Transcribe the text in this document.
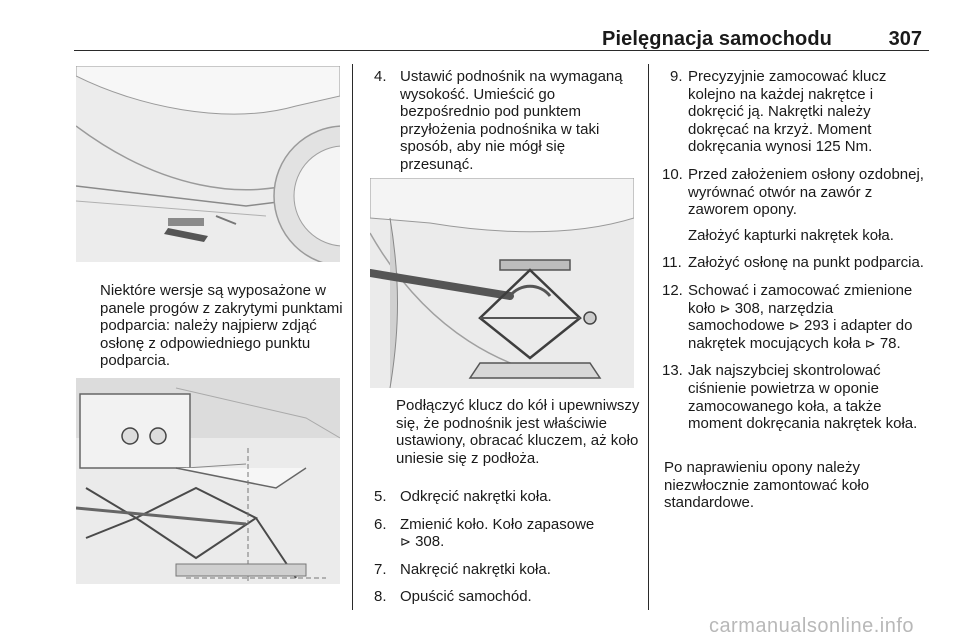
Pielęgnacja samochodu	307

Niektóre wersje są wyposażone w panele progów z zakrytymi punktami podparcia: należy najpierw zdjąć osłonę z odpowiedniego punktu podparcia.

4. Ustawić podnośnik na wymaganą wysokość. Umieścić go bezpośrednio pod punktem przyłożenia podnośnika w taki sposób, aby nie mógł się przesunąć.

Podłączyć klucz do kół i upewniwszy się, że podnośnik jest właściwie ustawiony, obracać kluczem, aż koło uniesie się z podłoża.

5. Odkręcić nakrętki koła.
6. Zmienić koło. Koło zapasowe
⊳ 308.
7. Nakręcić nakrętki koła.
8. Opuścić samochód.
9. Precyzyjnie zamocować klucz kolejno na każdej nakrętce i dokręcić ją. Nakrętki należy dokręcać na krzyż. Moment dokręcania wynosi 125 Nm.
10. Przed założeniem osłony ozdobnej, wyrównać otwór na zawór z zaworem opony.

Założyć kapturki nakrętek koła.

11. Założyć osłonę na punkt podparcia.
12. Schować i zamocować zmienione koło ⊳ 308, narzędzia samochodowe ⊳ 293 i adapter do nakrętek mocujących koła ⊳ 78.
13. Jak najszybciej skontrolować ciśnienie powietrza w oponie zamocowanego koła, a także moment dokręcania nakrętek koła.

Po naprawieniu opony należy niezwłocznie zamontować koło standardowe.

carmanualsonline.info
